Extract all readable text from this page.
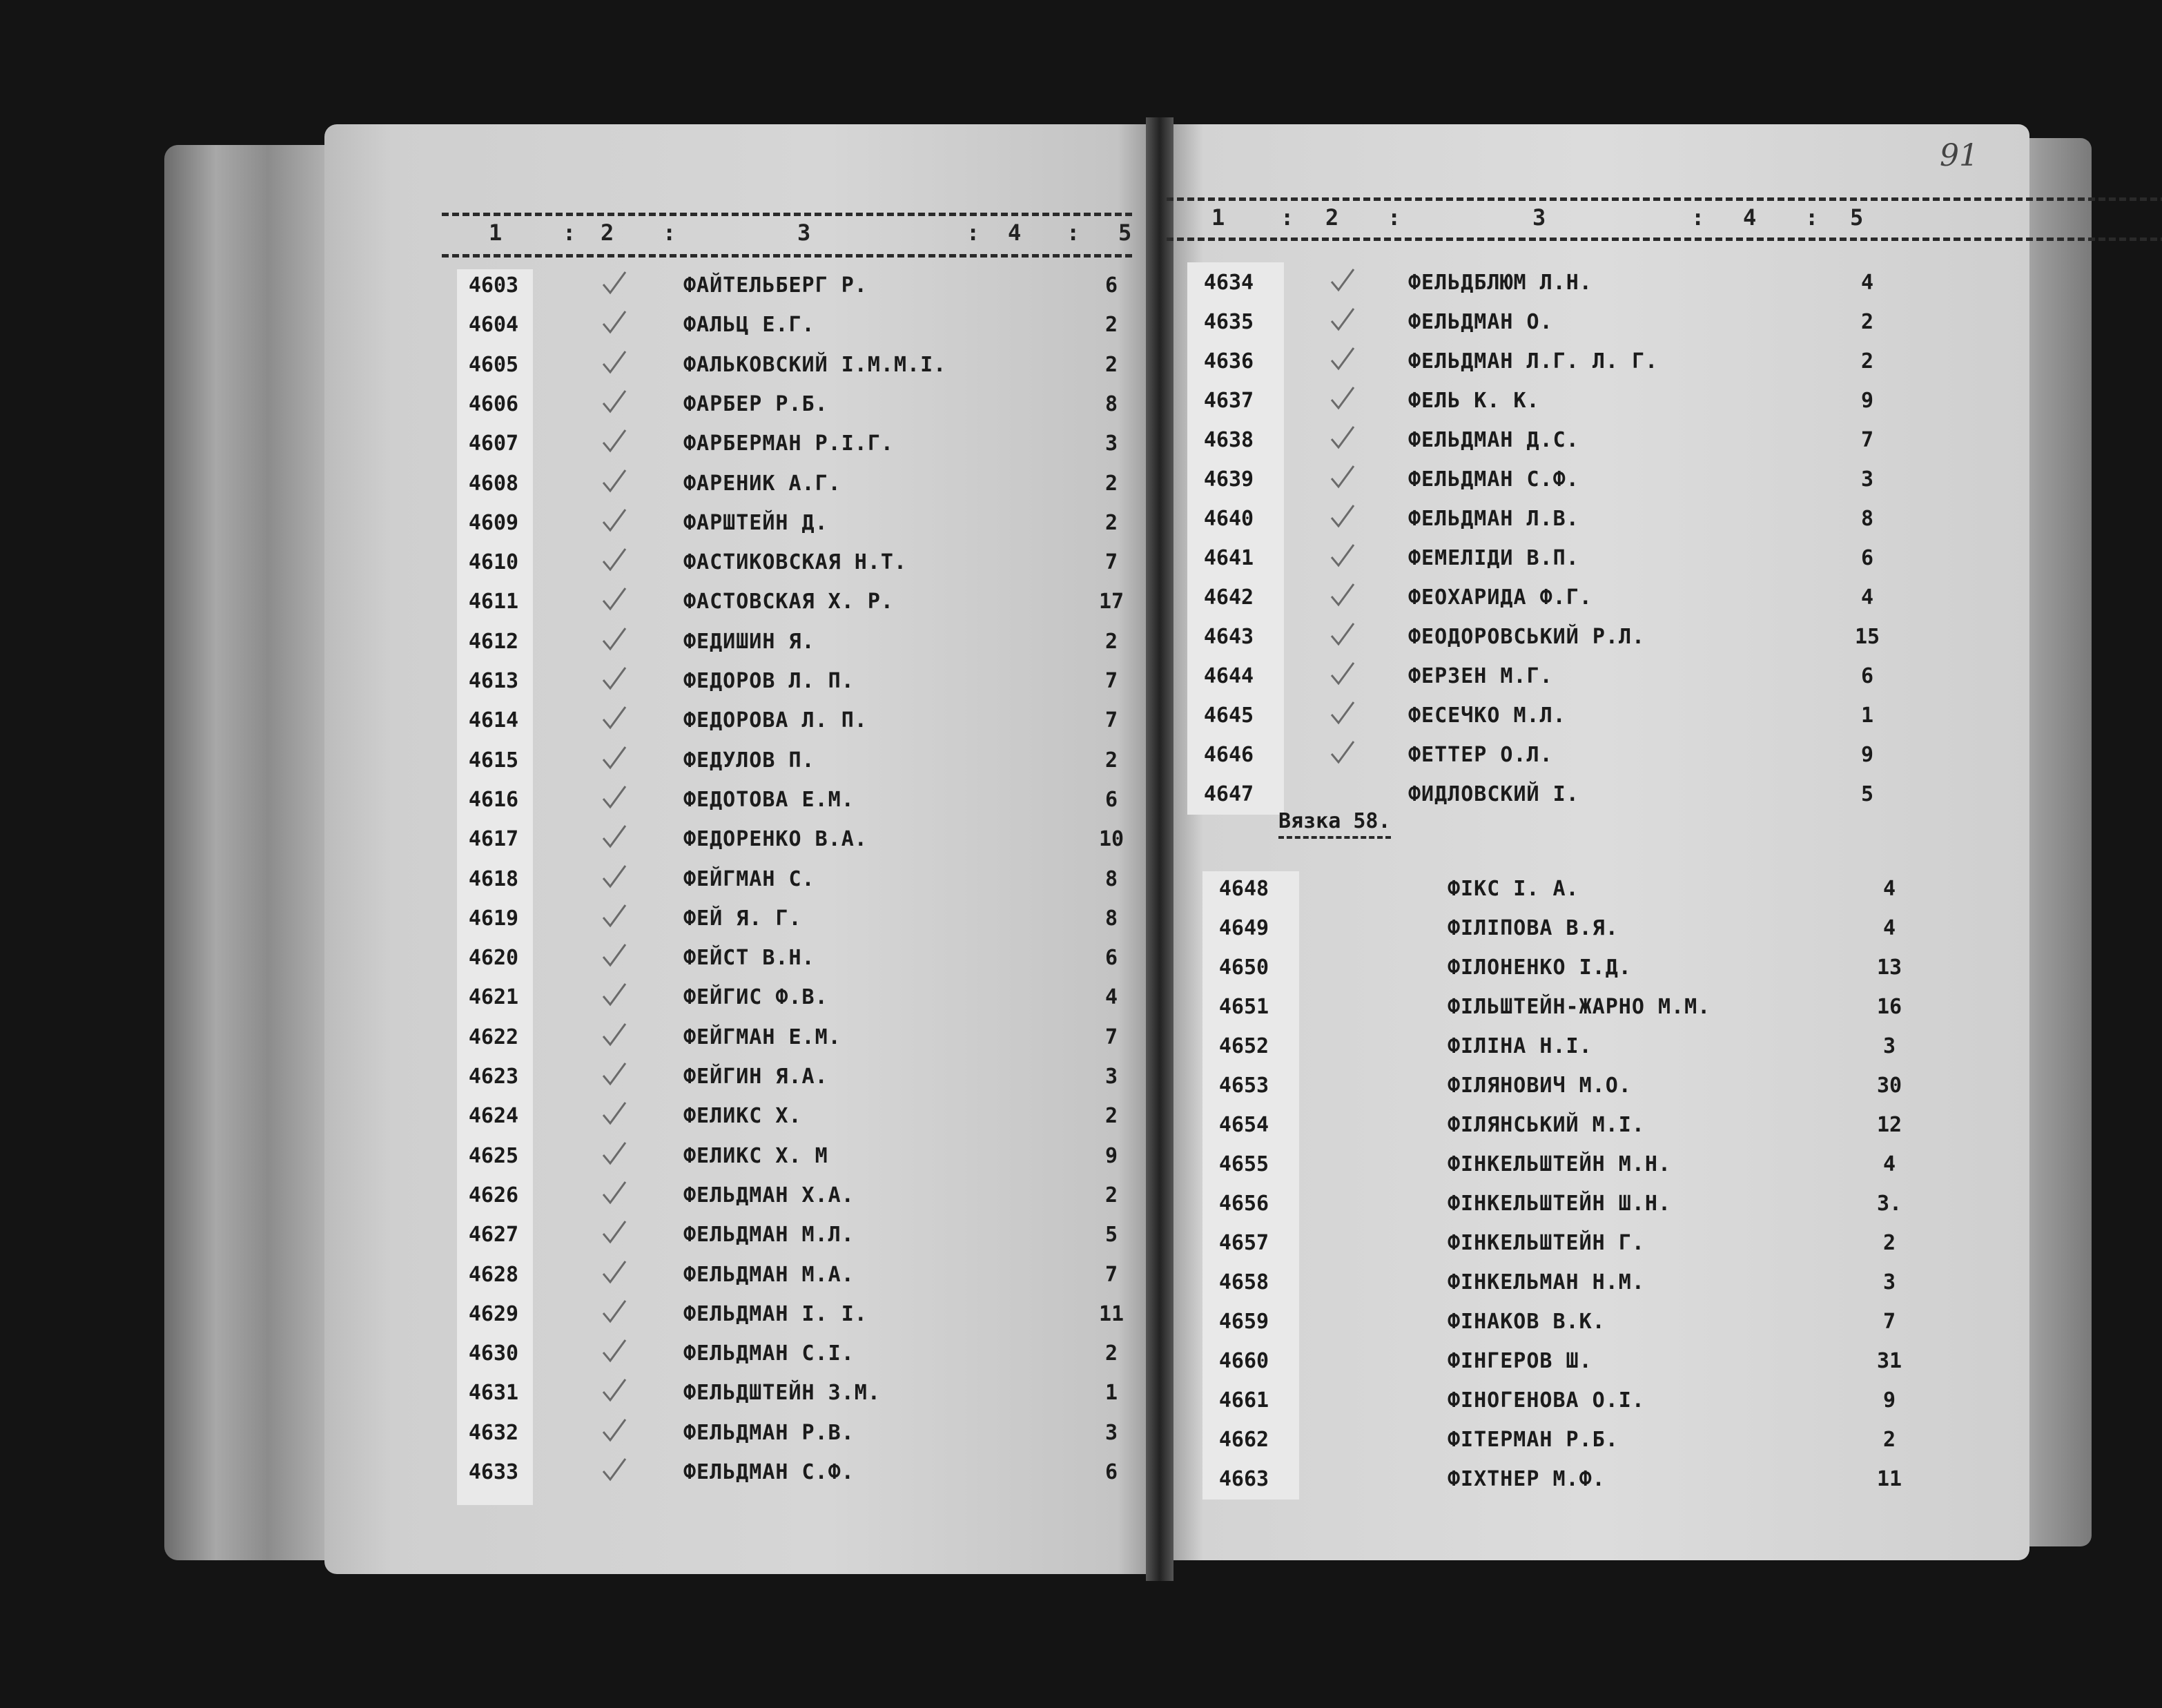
91
1	: 2 :	3	: 4 : 5
1	: 2 :	3	: 4 : 5
4603	ФАЙТЕЛЬБЕРГ Р.	6
4604	ФАЛЬЦ Е.Г.	2
4605	ФАЛЬКОВСКИЙ І.М.М.І.	2
4606	ФАРБЕР Р.Б.	8
4607	ФАРБЕРМАН Р.І.Г.	3
4608	ФАРЕНИК А.Г.	2
4609	ФАРШТЕЙН Д.	2
4610	ФАСТИКОВСКАЯ Н.Т.	7
4611	ФАСТОВСКАЯ Х. Р.	17
4612	ФЕДИШИН Я.	2
4613	ФЕДОРОВ Л. П.	7
4614	ФЕДОРОВА Л. П.	7
4615	ФЕДУЛОВ П.	2
4616	ФЕДОТОВА Е.М.	6
4617	ФЕДОРЕНКО В.А.	10
4618	ФЕЙГМАН С.	8
4619	ФЕЙ Я. Г.	8
4620	ФЕЙСТ В.Н.	6
4621	ФЕЙГИС Ф.В.	4
4622	ФЕЙГМАН Е.М.	7
4623	ФЕЙГИН Я.А.	3
4624	ФЕЛИКС Х.	2
4625	ФЕЛИКС Х. М	9
4626	ФЕЛЬДМАН Х.А.	2
4627	ФЕЛЬДМАН М.Л.	5
4628	ФЕЛЬДМАН М.А.	7
4629	ФЕЛЬДМАН І. І.	11
4630	ФЕЛЬДМАН С.І.	2
4631	ФЕЛЬДШТЕЙН З.М.	1
4632	ФЕЛЬДМАН Р.В.	3
4633	ФЕЛЬДМАН С.Ф.	6
4634	ФЕЛЬДБЛЮМ Л.Н.	4
4635	ФЕЛЬДМАН О.	2
4636	ФЕЛЬДМАН Л.Г. Л. Г.	2
4637	ФЕЛЬ К. К.	9
4638	ФЕЛЬДМАН Д.С.	7
4639	ФЕЛЬДМАН С.Ф.	3
4640	ФЕЛЬДМАН Л.В.	8
4641	ФЕМЕЛІДИ В.П.	6
4642	ФЕОХАРИДА Ф.Г.	4
4643	ФЕОДОРОВСЬКИЙ Р.Л.	15
4644	ФЕРЗЕН М.Г.	6
4645	ФЕСЕЧКО М.Л.	1
4646	ФЕТТЕР О.Л.	9
4647	ФИДЛОВСКИЙ І.	5
Вязка 58.
4648	ФІКС І. А.	4
4649	ФІЛІПОВА В.Я.	4
4650	ФІЛОНЕНКО І.Д.	13
4651	ФІЛЬШТЕЙН-ЖАРНО М.М.	16
4652	ФІЛІНА Н.І.	3
4653	ФІЛЯНОВИЧ М.О.	30
4654	ФІЛЯНСЬКИЙ М.І.	12
4655	ФІНКЕЛЬШТЕЙН М.Н.	4
4656	ФІНКЕЛЬШТЕЙН Ш.Н.	3.
4657	ФІНКЕЛЬШТЕЙН Г.	2
4658	ФІНКЕЛЬМАН Н.М.	3
4659	ФІНАКОВ В.К.	7
4660	ФІНГЕРОВ Ш.	31
4661	ФІНОГЕНОВА О.І.	9
4662	ФІТЕРМАН Р.Б.	2
4663	ФІХТНЕР М.Ф.	11
